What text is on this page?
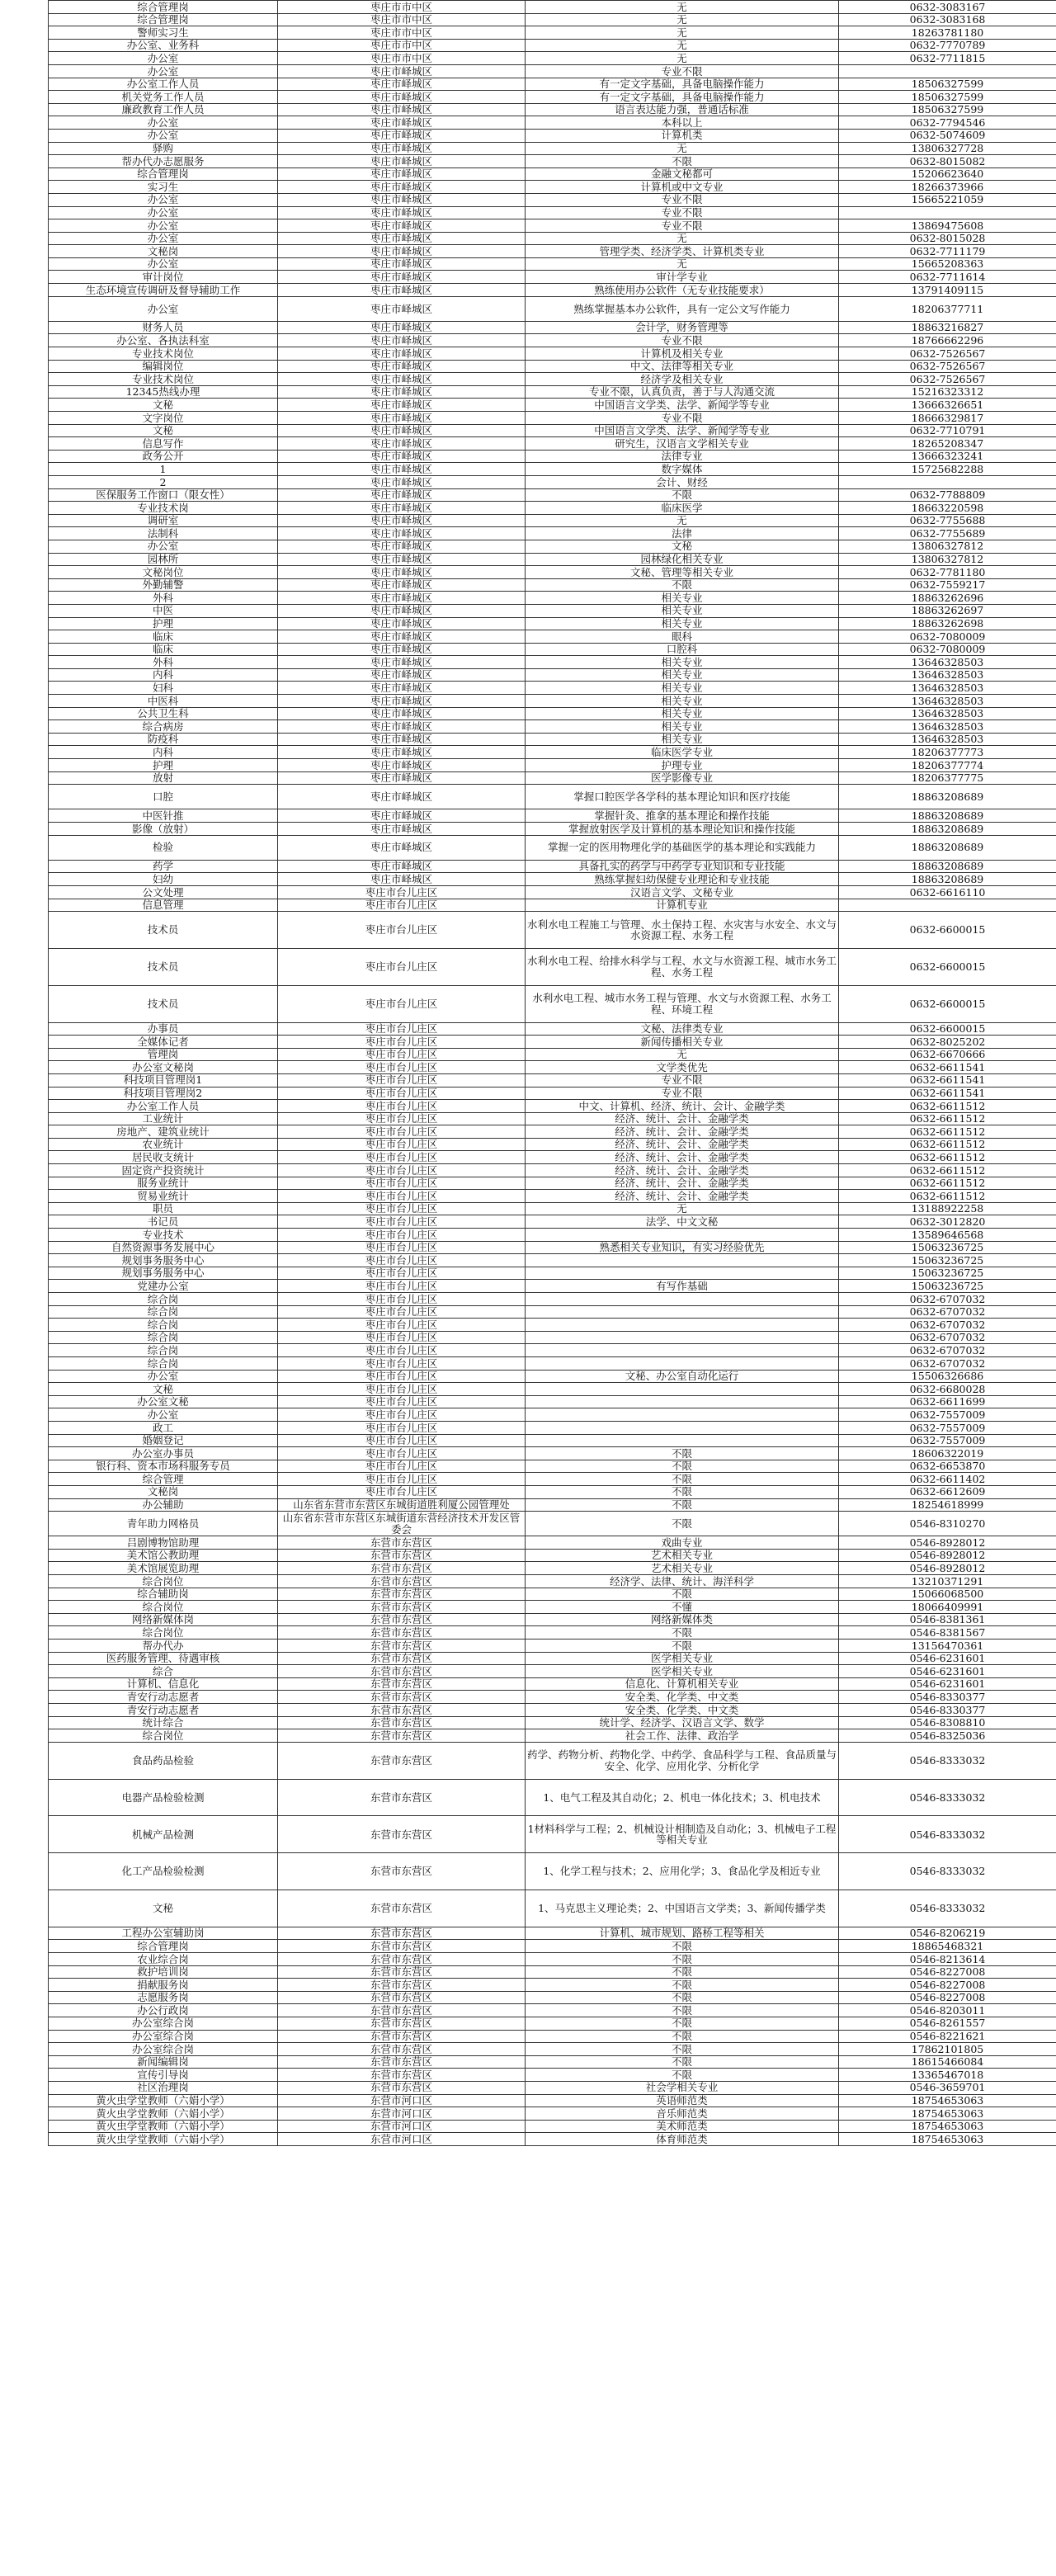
综合管理岗	枣庄市市中区	无	0632-3083167
综合管理岗	枣庄市市中区	无	0632-3083168
警师实习生	枣庄市市中区	无	18263781180
办公室、业务科	枣庄市市中区	无	0632-7770789
办公室	枣庄市市中区	无	0632-7711815
办公室	枣庄市峄城区	专业不限	
办公室工作人员	枣庄市峄城区	有一定文字基础，具备电脑操作能力	18506327599
机关党务工作人员	枣庄市峄城区	有一定文字基础，具备电脑操作能力	18506327599
廉政教育工作人员	枣庄市峄城区	语言表达能力强，普通话标准	18506327599
办公室	枣庄市峄城区	本科以上	0632-7794546
办公室	枣庄市峄城区	计算机类	0632-5074609
驿购	枣庄市峄城区	无	13806327728
帮办代办志愿服务	枣庄市峄城区	不限	0632-8015082
综合管理岗	枣庄市峄城区	金融文秘都可	15206623640
实习生	枣庄市峄城区	计算机或中文专业	18266373966
办公室	枣庄市峄城区	专业不限	15665221059
办公室	枣庄市峄城区	专业不限	
办公室	枣庄市峄城区	专业不限	13869475608
办公室	枣庄市峄城区	无	0632-8015028
文秘岗	枣庄市峄城区	管理学类、经济学类、计算机类专业	0632-7711179
办公室	枣庄市峄城区	无	15665208363
审计岗位	枣庄市峄城区	审计学专业	0632-7711614
生态环境宣传调研及督导辅助工作	枣庄市峄城区	熟练使用办公软件（无专业技能要求）	13791409115
办公室	枣庄市峄城区	熟练掌握基本办公软件，具有一定公文写作能力	18206377711
财务人员	枣庄市峄城区	会计学，财务管理等	18863216827
办公室、各执法科室	枣庄市峄城区	专业不限	18766662296
专业技术岗位	枣庄市峄城区	计算机及相关专业	0632-7526567
编辑岗位	枣庄市峄城区	中文、法律等相关专业	0632-7526567
专业技术岗位	枣庄市峄城区	经济学及相关专业	0632-7526567
12345热线办理	枣庄市峄城区	专业不限，认真负责，善于与人沟通交流	15216323312
文秘	枣庄市峄城区	中国语言文学类、法学、新闻学等专业	13666326651
文字岗位	枣庄市峄城区	专业不限	18666329817
文秘	枣庄市峄城区	中国语言文学类、法学、新闻学等专业	0632-7710791
信息写作	枣庄市峄城区	研究生，汉语言文学相关专业	18265208347
政务公开	枣庄市峄城区	法律专业	13666323241
1	枣庄市峄城区	数字媒体	15725682288
2	枣庄市峄城区	会计、财经	
医保服务工作窗口（限女性）	枣庄市峄城区	不限	0632-7788809
专业技术岗	枣庄市峄城区	临床医学	18663220598
调研室	枣庄市峄城区	无	0632-7755688
法制科	枣庄市峄城区	法律	0632-7755689
办公室	枣庄市峄城区	文秘	13806327812
园林所	枣庄市峄城区	园林绿化相关专业	13806327812
文秘岗位	枣庄市峄城区	文秘、管理等相关专业	0632-7781180
外勤辅警	枣庄市峄城区	不限	0632-7559217
外科	枣庄市峄城区	相关专业	18863262696
中医	枣庄市峄城区	相关专业	18863262697
护理	枣庄市峄城区	相关专业	18863262698
临床	枣庄市峄城区	眼科	0632-7080009
临床	枣庄市峄城区	口腔科	0632-7080009
外科	枣庄市峄城区	相关专业	13646328503
内科	枣庄市峄城区	相关专业	13646328503
妇科	枣庄市峄城区	相关专业	13646328503
中医科	枣庄市峄城区	相关专业	13646328503
公共卫生科	枣庄市峄城区	相关专业	13646328503
综合病房	枣庄市峄城区	相关专业	13646328503
防疫科	枣庄市峄城区	相关专业	13646328503
内科	枣庄市峄城区	临床医学专业	18206377773
护理	枣庄市峄城区	护理专业	18206377774
放射	枣庄市峄城区	医学影像专业	18206377775
口腔	枣庄市峄城区	掌握口腔医学各学科的基本理论知识和医疗技能	18863208689
中医针推	枣庄市峄城区	掌握针灸、推拿的基本理论和操作技能	18863208689
影像（放射）	枣庄市峄城区	掌握放射医学及计算机的基本理论知识和操作技能	18863208689
检验	枣庄市峄城区	掌握一定的医用物理化学的基础医学的基本理论和实践能力	18863208689
药学	枣庄市峄城区	具备扎实的药学与中药学专业知识和专业技能	18863208689
妇幼	枣庄市峄城区	熟练掌握妇幼保健专业理论和专业技能	18863208689
公文处理	枣庄市台儿庄区	汉语言文学、文秘专业	0632-6616110
信息管理	枣庄市台儿庄区	计算机专业	
技术员	枣庄市台儿庄区	水利水电工程施工与管理、水土保持工程、水灾害与水安全、水文与水资源工程、水务工程	0632-6600015
技术员	枣庄市台儿庄区	水利水电工程、给排水科学与工程、水文与水资源工程、城市水务工程、水务工程	0632-6600015
技术员	枣庄市台儿庄区	水利水电工程、城市水务工程与管理、水文与水资源工程、水务工程、环境工程	0632-6600015
办事员	枣庄市台儿庄区	文秘、法律类专业	0632-6600015
全媒体记者	枣庄市台儿庄区	新闻传播相关专业	0632-8025202
管理岗	枣庄市台儿庄区	无	0632-6670666
办公室文秘岗	枣庄市台儿庄区	文学类优先	0632-6611541
科技项目管理岗1	枣庄市台儿庄区	专业不限	0632-6611541
科技项目管理岗2	枣庄市台儿庄区	专业不限	0632-6611541
办公室工作人员	枣庄市台儿庄区	中文、计算机、经济、统计、会计、金融学类	0632-6611512
工业统计	枣庄市台儿庄区	经济、统计、会计、金融学类	0632-6611512
房地产、建筑业统计	枣庄市台儿庄区	经济、统计、会计、金融学类	0632-6611512
农业统计	枣庄市台儿庄区	经济、统计、会计、金融学类	0632-6611512
居民收支统计	枣庄市台儿庄区	经济、统计、会计、金融学类	0632-6611512
固定资产投资统计	枣庄市台儿庄区	经济、统计、会计、金融学类	0632-6611512
服务业统计	枣庄市台儿庄区	经济、统计、会计、金融学类	0632-6611512
贸易业统计	枣庄市台儿庄区	经济、统计、会计、金融学类	0632-6611512
职员	枣庄市台儿庄区	无	13188922258
书记员	枣庄市台儿庄区	法学、中文文秘	0632-3012820
专业技术	枣庄市台儿庄区		13589646568
自然资源事务发展中心	枣庄市台儿庄区	熟悉相关专业知识，有实习经验优先	15063236725
规划事务服务中心	枣庄市台儿庄区		15063236725
规划事务服务中心	枣庄市台儿庄区		15063236725
党建办公室	枣庄市台儿庄区	有写作基础	15063236725
综合岗	枣庄市台儿庄区		0632-6707032
综合岗	枣庄市台儿庄区		0632-6707032
综合岗	枣庄市台儿庄区		0632-6707032
综合岗	枣庄市台儿庄区		0632-6707032
综合岗	枣庄市台儿庄区		0632-6707032
综合岗	枣庄市台儿庄区		0632-6707032
办公室	枣庄市台儿庄区	文秘、办公室自动化运行	15506326686
文秘	枣庄市台儿庄区		0632-6680028
办公室文秘	枣庄市台儿庄区		0632-6611699
办公室	枣庄市台儿庄区		0632-7557009
政工	枣庄市台儿庄区		0632-7557009
婚姻登记	枣庄市台儿庄区		0632-7557009
办公室办事员	枣庄市台儿庄区	不限	18606322019
银行科、资本市场科服务专员	枣庄市台儿庄区	不限	0632-6653870
综合管理	枣庄市台儿庄区	不限	0632-6611402
文秘岗	枣庄市台儿庄区	不限	0632-6612609
办公辅助	山东省东营市东营区东城街道胜利厦公园管理处	不限	18254618999
青年助力网格员	山东省东营市东营区东城街道东营经济技术开发区管委会	不限	0546-8310270
吕剧博物馆助理	东营市东营区	戏曲专业	0546-8928012
美术馆公教助理	东营市东营区	艺术相关专业	0546-8928012
美术馆展览助理	东营市东营区	艺术相关专业	0546-8928012
综合岗位	东营市东营区	经济学、法律、统计、海洋科学	13210371291
综合辅助岗	东营市东营区	不限	15066068500
综合岗位	东营市东营区	不懂	18066409991
网络新媒体岗	东营市东营区	网络新媒体类	0546-8381361
综合岗位	东营市东营区	不限	0546-8381567
帮办代办	东营市东营区	不限	13156470361
医药服务管理、待遇审核	东营市东营区	医学相关专业	0546-6231601
综合	东营市东营区	医学相关专业	0546-6231601
计算机、信息化	东营市东营区	信息化、计算机相关专业	0546-6231601
青安行动志愿者	东营市东营区	安全类、化学类、中文类	0546-8330377
青安行动志愿者	东营市东营区	安全类、化学类、中文类	0546-8330377
统计综合	东营市东营区	统计学、经济学、汉语言文学、数学	0546-8308810
综合岗位	东营市东营区	社会工作、法律、政治学	0546-8325036
食品药品检验	东营市东营区	药学、药物分析、药物化学、中药学、食品科学与工程、食品质量与安全、化学、应用化学、分析化学	0546-8333032
电器产品检验检测	东营市东营区	1、电气工程及其自动化；2、机电一体化技术；3、机电技术	0546-8333032
机械产品检测	东营市东营区	1材料科学与工程；2、机械设计相制造及自动化；3、机械电子工程等相关专业	0546-8333032
化工产品检验检测	东营市东营区	1、化学工程与技术；2、应用化学；3、食品化学及相近专业	0546-8333032
文秘	东营市东营区	1、马克思主义理论类；2、中国语言文学类；3、新闻传播学类	0546-8333032
工程办公室辅助岗	东营市东营区	计算机、城市规划、路桥工程等相关	0546-8206219
综合管理岗	东营市东营区	不限	18865468321
农业综合岗	东营市东营区	不限	0546-8213614
救护培训岗	东营市东营区	不限	0546-8227008
捐献服务岗	东营市东营区	不限	0546-8227008
志愿服务岗	东营市东营区	不限	0546-8227008
办公行政岗	东营市东营区	不限	0546-8203011
办公室综合岗	东营市东营区	不限	0546-8261557
办公室综合岗	东营市东营区	不限	0546-8221621
办公室综合岗	东营市东营区	不限	17862101805
新闻编辑岗	东营市东营区	不限	18615466084
宣传引导岗	东营市东营区	不限	13365467018
社区治理岗	东营市东营区	社会学相关专业	0546-3659701
黄火虫学堂教师（六娟小学）	东营市河口区	英语师范类	18754653063
黄火虫学堂教师（六娟小学）	东营市河口区	音乐师范类	18754653063
黄火虫学堂教师（六娟小学）	东营市河口区	美术师范类	18754653063
黄火虫学堂教师（六娟小学）	东营市河口区	体育师范类	18754653063
